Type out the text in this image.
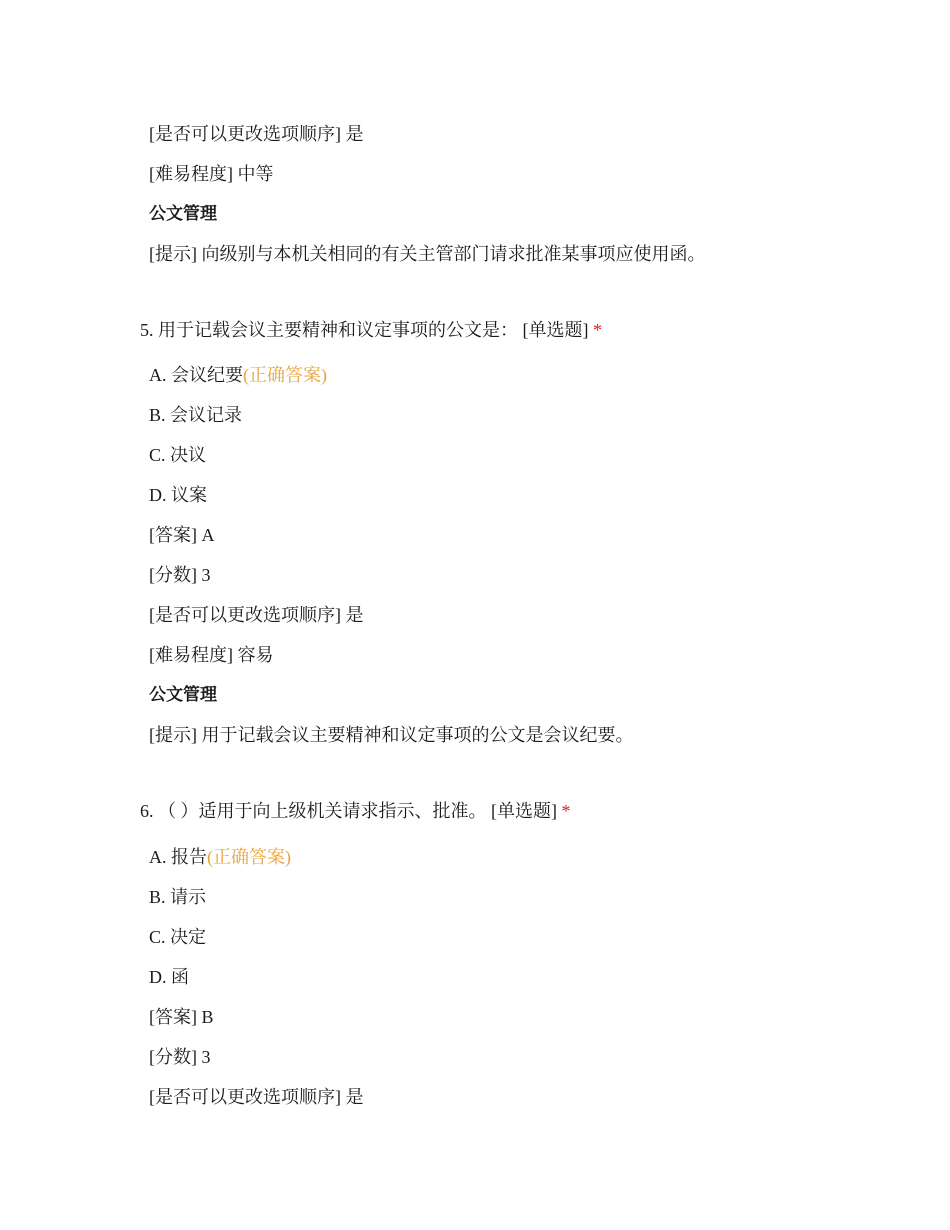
[是否可以更改选项顺序] 是
[难易程度] 中等
公文管理
[提示] 向级别与本机关相同的有关主管部门请求批准某事项应使用函。
5. 用于记载会议主要精神和议定事项的公文是： [单选题] *
A. 会议纪要(正确答案)
B. 会议记录
C. 决议
D. 议案
[答案] A
[分数] 3
[是否可以更改选项顺序] 是
[难易程度] 容易
公文管理
[提示] 用于记载会议主要精神和议定事项的公文是会议纪要。
6. （ ）适用于向上级机关请求指示、批准。 [单选题] *
A. 报告(正确答案)
B. 请示
C. 决定
D. 函
[答案] B
[分数] 3
[是否可以更改选项顺序] 是
